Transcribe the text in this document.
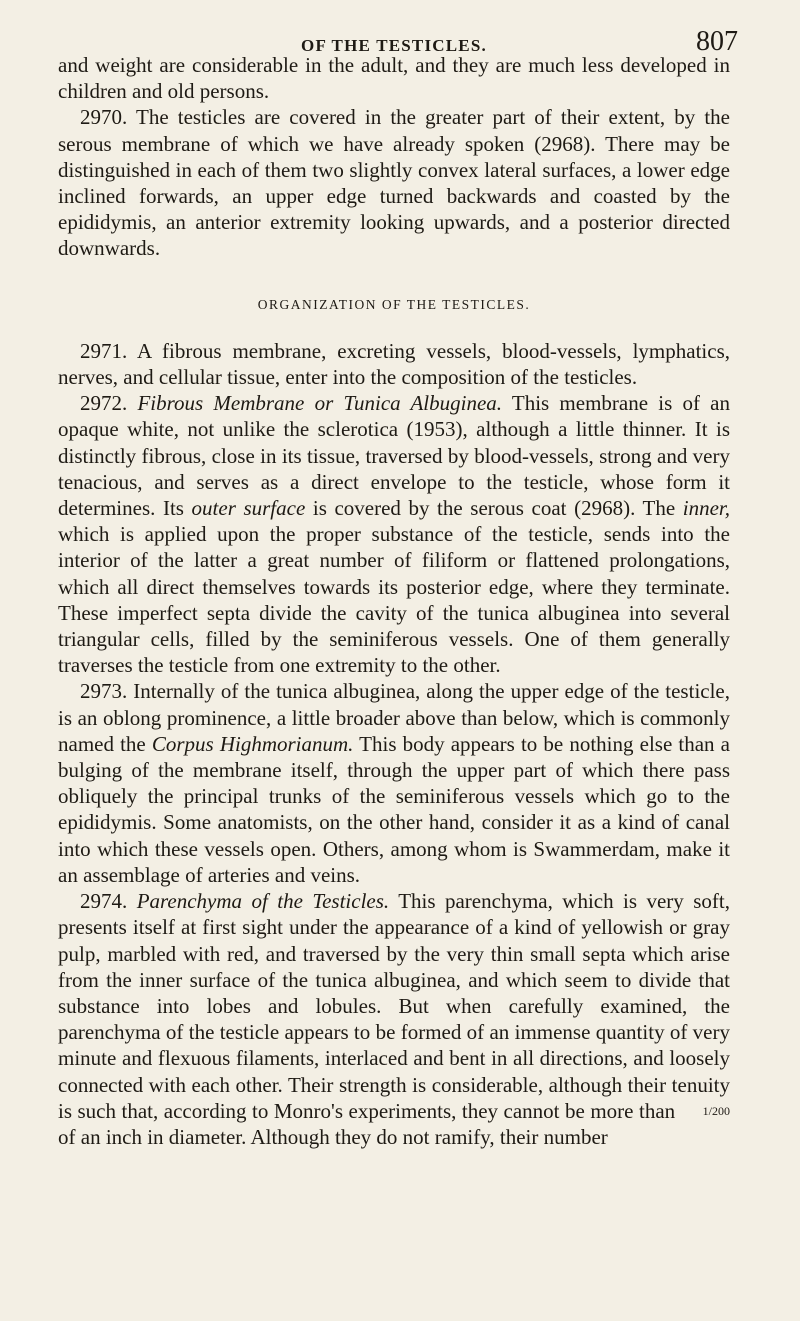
OF THE TESTICLES.	807

and weight are considerable in the adult, and they are much less developed in children and old persons.

2970. The testicles are covered in the greater part of their extent, by the serous membrane of which we have already spoken (2968). There may be distinguished in each of them two slightly convex lateral surfaces, a lower edge inclined forwards, an upper edge turned backwards and coasted by the epididymis, an anterior extremity looking upwards, and a posterior directed downwards.

ORGANIZATION OF THE TESTICLES.

2971. A fibrous membrane, excreting vessels, blood-vessels, lymphatics, nerves, and cellular tissue, enter into the composition of the testicles.

2972. Fibrous Membrane or Tunica Albuginea. This membrane is of an opaque white, not unlike the sclerotica (1953), although a little thinner. It is distinctly fibrous, close in its tissue, traversed by blood-vessels, strong and very tenacious, and serves as a direct envelope to the testicle, whose form it determines. Its outer surface is covered by the serous coat (2968). The inner, which is applied upon the proper substance of the testicle, sends into the interior of the latter a great number of filiform or flattened prolongations, which all direct themselves towards its posterior edge, where they terminate. These imperfect septa divide the cavity of the tunica albuginea into several triangular cells, filled by the seminiferous vessels. One of them generally traverses the testicle from one extremity to the other.

2973. Internally of the tunica albuginea, along the upper edge of the testicle, is an oblong prominence, a little broader above than below, which is commonly named the Corpus Highmorianum. This body appears to be nothing else than a bulging of the membrane itself, through the upper part of which there pass obliquely the principal trunks of the seminiferous vessels which go to the epididymis. Some anatomists, on the other hand, consider it as a kind of canal into which these vessels open. Others, among whom is Swammerdam, make it an assemblage of arteries and veins.

2974. Parenchyma of the Testicles. This parenchyma, which is very soft, presents itself at first sight under the appearance of a kind of yellowish or gray pulp, marbled with red, and traversed by the very thin small septa which arise from the inner surface of the tunica albuginea, and which seem to divide that substance into lobes and lobules. But when carefully examined, the parenchyma of the testicle appears to be formed of an immense quantity of very minute and flexuous filaments, interlaced and bent in all directions, and loosely connected with each other. Their strength is considerable, although their tenuity is such that, according to Monro's experiments, they cannot be more than 1/200 of an inch in diameter. Although they do not ramify, their number
